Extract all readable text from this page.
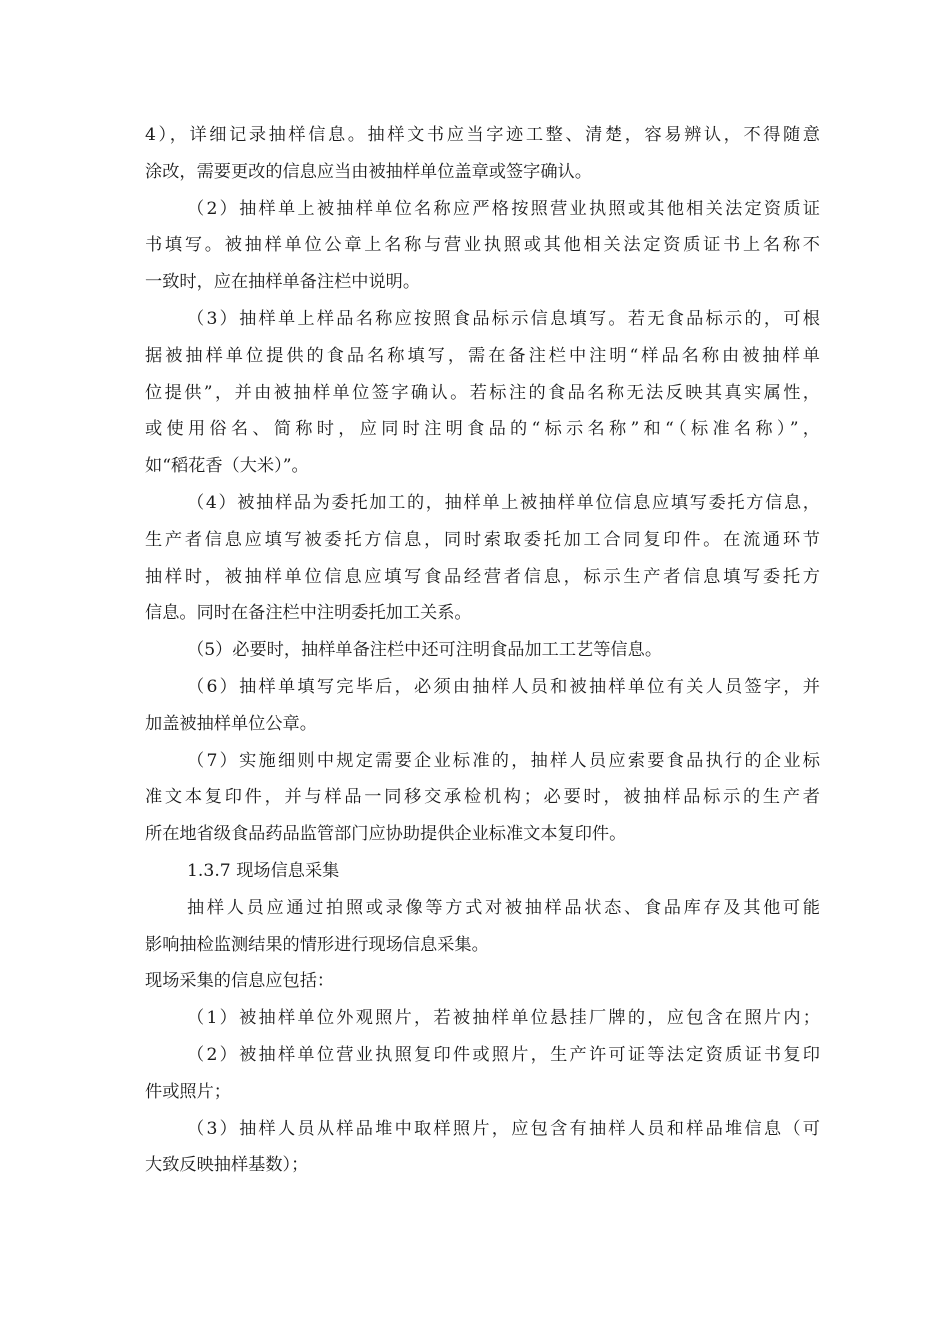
4），详细记录抽样信息。抽样文书应当字迹工整、清楚，容易辨认，不得随意
涂改，需要更改的信息应当由被抽样单位盖章或签字确认。
（2）抽样单上被抽样单位名称应严格按照营业执照或其他相关法定资质证
书填写。被抽样单位公章上名称与营业执照或其他相关法定资质证书上名称不
一致时，应在抽样单备注栏中说明。
（3）抽样单上样品名称应按照食品标示信息填写。若无食品标示的，可根
据被抽样单位提供的食品名称填写，需在备注栏中注明“样品名称由被抽样单
位提供”，并由被抽样单位签字确认。若标注的食品名称无法反映其真实属性，
或使用俗名、简称时，应同时注明食品的“标示名称”和“（标准名称）”，
如“稻花香（大米）”。
（4）被抽样品为委托加工的，抽样单上被抽样单位信息应填写委托方信息，
生产者信息应填写被委托方信息，同时索取委托加工合同复印件。在流通环节
抽样时，被抽样单位信息应填写食品经营者信息，标示生产者信息填写委托方
信息。同时在备注栏中注明委托加工关系。
（5）必要时，抽样单备注栏中还可注明食品加工工艺等信息。
（6）抽样单填写完毕后，必须由抽样人员和被抽样单位有关人员签字，并
加盖被抽样单位公章。
（7）实施细则中规定需要企业标准的，抽样人员应索要食品执行的企业标
准文本复印件，并与样品一同移交承检机构；必要时，被抽样品标示的生产者
所在地省级食品药品监管部门应协助提供企业标准文本复印件。
1.3.7 现场信息采集
抽样人员应通过拍照或录像等方式对被抽样品状态、食品库存及其他可能
影响抽检监测结果的情形进行现场信息采集。
现场采集的信息应包括：
（1）被抽样单位外观照片，若被抽样单位悬挂厂牌的，应包含在照片内；
（2）被抽样单位营业执照复印件或照片，生产许可证等法定资质证书复印
件或照片；
（3）抽样人员从样品堆中取样照片，应包含有抽样人员和样品堆信息（可
大致反映抽样基数）；
